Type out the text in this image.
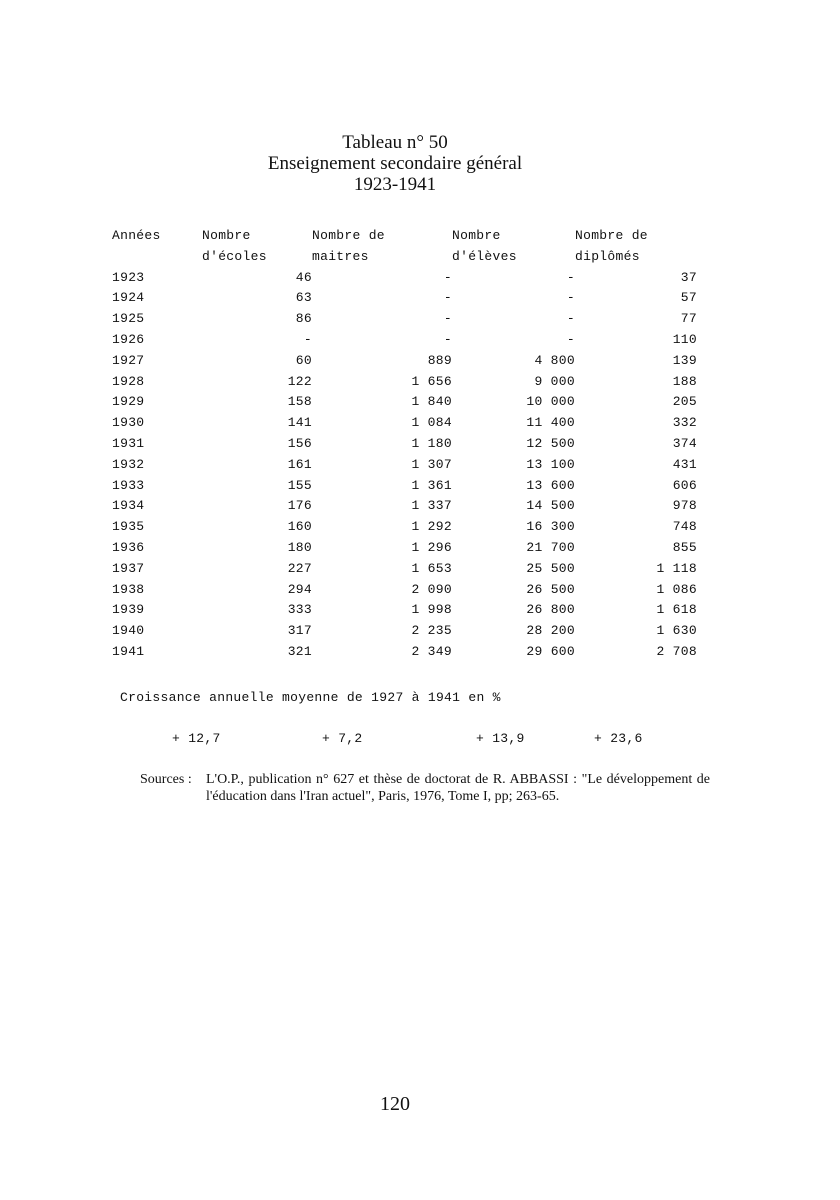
Tableau n° 50
Enseignement secondaire général
1923-1941
Années	Nombre	Nombre de	Nombre	Nombre de
	d'écoles	maitres	d'élèves	diplômés
1923	46	-	-	37
1924	63	-	-	57
1925	86	-	-	77
1926	-	-	-	110
1927	60	889	4 800	139
1928	122	1 656	9 000	188
1929	158	1 840	10 000	205
1930	141	1 084	11 400	332
1931	156	1 180	12 500	374
1932	161	1 307	13 100	431
1933	155	1 361	13 600	606
1934	176	1 337	14 500	978
1935	160	1 292	16 300	748
1936	180	1 296	21 700	855
1937	227	1 653	25 500	1 118
1938	294	2 090	26 500	1 086
1939	333	1 998	26 800	1 618
1940	317	2 235	28 200	1 630
1941	321	2 349	29 600	2 708
Croissance annuelle moyenne de 1927 à 1941 en %
+ 12,7	+ 7,2	+ 13,9	+ 23,6
Sources : L'O.P., publication n° 627 et thèse de doctorat de R. ABBASSI : "Le développement de l'éducation dans l'Iran actuel", Paris, 1976, Tome I, pp; 263-65.
120
